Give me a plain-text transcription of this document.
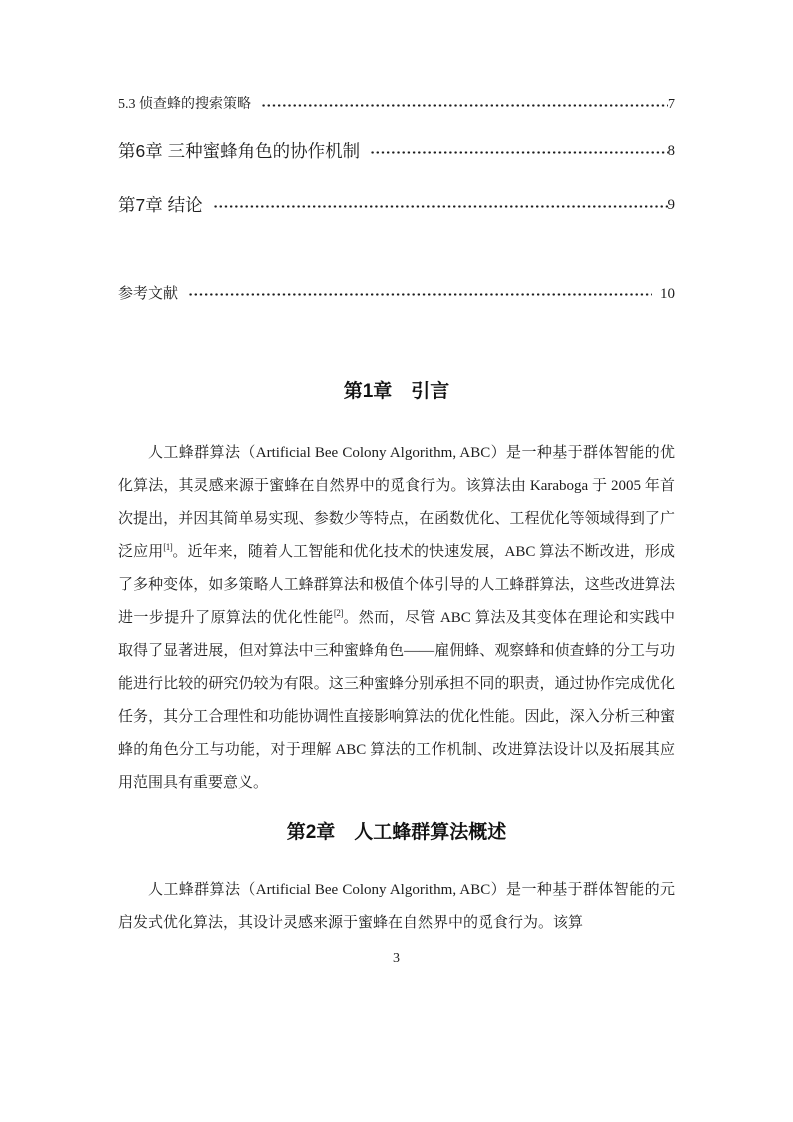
5.3 侦查蜂的搜索策略	7
第6章 三种蜜蜂角色的协作机制	8
第7章 结论	9
参考文献	10
第1章　引言

人工蜂群算法（Artificial Bee Colony Algorithm, ABC）是一种基于群体智能的优化算法，其灵感来源于蜜蜂在自然界中的觅食行为。该算法由 Karaboga 于 2005 年首次提出，并因其简单易实现、参数少等特点，在函数优化、工程优化等领域得到了广泛应用[1]。近年来，随着人工智能和优化技术的快速发展，ABC 算法不断改进，形成了多种变体，如多策略人工蜂群算法和极值个体引导的人工蜂群算法，这些改进算法进一步提升了原算法的优化性能[2]。然而，尽管 ABC 算法及其变体在理论和实践中取得了显著进展，但对算法中三种蜜蜂角色——雇佣蜂、观察蜂和侦查蜂的分工与功能进行比较的研究仍较为有限。这三种蜜蜂分别承担不同的职责，通过协作完成优化任务，其分工合理性和功能协调性直接影响算法的优化性能。因此，深入分析三种蜜蜂的角色分工与功能，对于理解 ABC 算法的工作机制、改进算法设计以及拓展其应用范围具有重要意义。

第2章　人工蜂群算法概述

人工蜂群算法（Artificial Bee Colony Algorithm, ABC）是一种基于群体智能的元启发式优化算法，其设计灵感来源于蜜蜂在自然界中的觅食行为。该算

3
